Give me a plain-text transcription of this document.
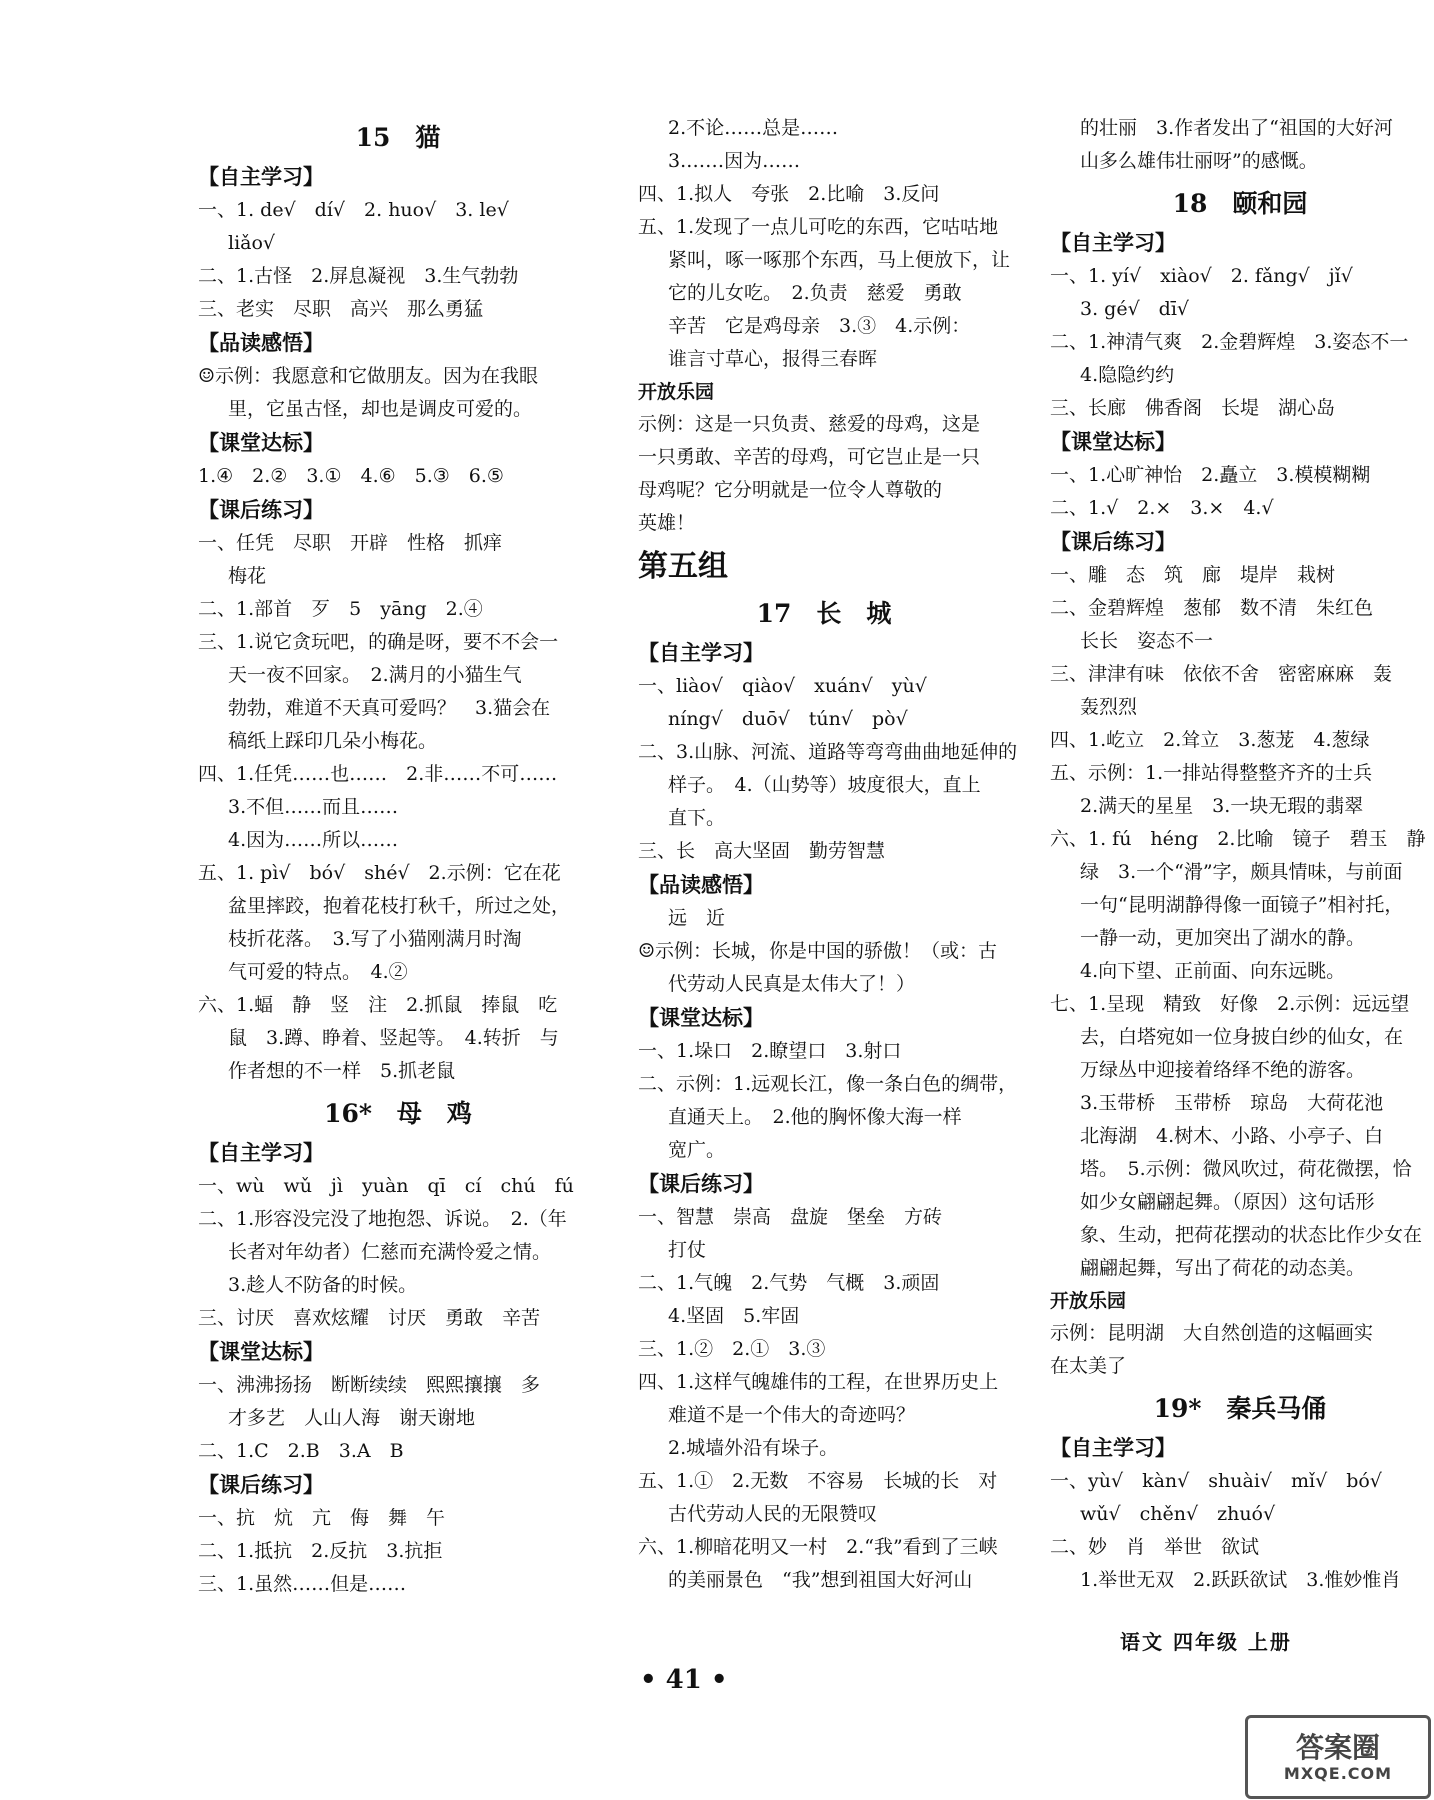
15　猫
【自主学习】
一、1. de√　dí√　2. huo√　3. le√
liǎo√
二、1.古怪　2.屏息凝视　3.生气勃勃
三、老实　尽职　高兴　那么勇猛
【品读感悟】
☺示例：我愿意和它做朋友。因为在我眼
里，它虽古怪，却也是调皮可爱的。
【课堂达标】
1.④　2.②　3.①　4.⑥　5.③　6.⑤
【课后练习】
一、任凭　尽职　开辟　性格　抓痒
梅花
二、1.部首　歹　5　yāng　2.④
三、1.说它贪玩吧，的确是呀，要不不会一
天一夜不回家。　2.满月的小猫生气
勃勃，难道不天真可爱吗？　3.猫会在
稿纸上踩印几朵小梅花。
四、1.任凭……也……　2.非……不可……
3.不但……而且……
4.因为……所以……
五、1. pì√　bó√　shé√　2.示例：它在花
盆里摔跤，抱着花枝打秋千，所过之处，
枝折花落。　3.写了小猫刚满月时淘
气可爱的特点。　4.②
六、1.蝠　静　竖　注　2.抓鼠　捧鼠　吃
鼠　3.蹲、睁着、竖起等。　4.转折　与
作者想的不一样　5.抓老鼠
16*　母　鸡
【自主学习】
一、wù　wǔ　jì　yuàn　qī　cí　chú　fú
二、1.形容没完没了地抱怨、诉说。　2.（年
长者对年幼者）仁慈而充满怜爱之情。
3.趁人不防备的时候。
三、讨厌　喜欢炫耀　讨厌　勇敢　辛苦
【课堂达标】
一、沸沸扬扬　断断续续　熙熙攘攘　多
才多艺　人山人海　谢天谢地
二、1.C　2.B　3.A　B
【课后练习】
一、抗　炕　亢　侮　舞　午
二、1.抵抗　2.反抗　3.抗拒
三、1.虽然……但是……
2.不论……总是……
3.……因为……
四、1.拟人　夸张　2.比喻　3.反问
五、1.发现了一点儿可吃的东西，它咕咕地
紧叫，啄一啄那个东西，马上便放下，让
它的儿女吃。　2.负责　慈爱　勇敢
辛苦　它是鸡母亲　3.③　4.示例：
谁言寸草心，报得三春晖
开放乐园
示例：这是一只负责、慈爱的母鸡，这是
一只勇敢、辛苦的母鸡，可它岂止是一只
母鸡呢？它分明就是一位令人尊敬的
英雄！
第五组
17　长　城
【自主学习】
一、liào√　qiào√　xuán√　yù√
níng√　duō√　tún√　pò√
二、3.山脉、河流、道路等弯弯曲曲地延伸的
样子。　4.（山势等）坡度很大，直上
直下。
三、长　高大坚固　勤劳智慧
【品读感悟】
远　近
☺示例：长城，你是中国的骄傲！（或：古
代劳动人民真是太伟大了！）
【课堂达标】
一、1.垛口　2.瞭望口　3.射口
二、示例：1.远观长江，像一条白色的绸带，
直通天上。　2.他的胸怀像大海一样
宽广。
【课后练习】
一、智慧　崇高　盘旋　堡垒　方砖
打仗
二、1.气魄　2.气势　气概　3.顽固
4.坚固　5.牢固
三、1.②　2.①　3.③
四、1.这样气魄雄伟的工程，在世界历史上
难道不是一个伟大的奇迹吗？
2.城墙外沿有垛子。
五、1.①　2.无数　不容易　长城的长　对
古代劳动人民的无限赞叹
六、1.柳暗花明又一村　2.“我”看到了三峡
的美丽景色　“我”想到祖国大好河山
的壮丽　3.作者发出了“祖国的大好河
山多么雄伟壮丽呀”的感慨。
18　颐和园
【自主学习】
一、1. yí√　xiào√　2. fǎng√　jǐ√
3. gé√　dī√
二、1.神清气爽　2.金碧辉煌　3.姿态不一
4.隐隐约约
三、长廊　佛香阁　长堤　湖心岛
【课堂达标】
一、1.心旷神怡　2.矗立　3.模模糊糊
二、1.√　2.×　3.×　4.√
【课后练习】
一、雕　态　筑　廊　堤岸　栽树
二、金碧辉煌　葱郁　数不清　朱红色
长长　姿态不一
三、津津有味　依依不舍　密密麻麻　轰
轰烈烈
四、1.屹立　2.耸立　3.葱茏　4.葱绿
五、示例：1.一排站得整整齐齐的士兵
2.满天的星星　3.一块无瑕的翡翠
六、1. fú　héng　2.比喻　镜子　碧玉　静
绿　3.一个“滑”字，颇具情味，与前面
一句“昆明湖静得像一面镜子”相衬托，
一静一动，更加突出了湖水的静。
4.向下望、正前面、向东远眺。
七、1.呈现　精致　好像　2.示例：远远望
去，白塔宛如一位身披白纱的仙女，在
万绿丛中迎接着络绎不绝的游客。
3.玉带桥　玉带桥　琼岛　大荷花池
北海湖　4.树木、小路、小亭子、白
塔。　5.示例：微风吹过，荷花微摆，恰
如少女翩翩起舞。（原因）这句话形
象、生动，把荷花摆动的状态比作少女在
翩翩起舞，写出了荷花的动态美。
开放乐园
示例：昆明湖　大自然创造的这幅画实
在太美了
19*　秦兵马俑
【自主学习】
一、yù√　kàn√　shuài√　mǐ√　bó√
wǔ√　chěn√　zhuó√
二、妙　肖　举世　欲试
1.举世无双　2.跃跃欲试　3.惟妙惟肖
语文 四年级 上册
• 41 •
答案圈
MXQE.COM
